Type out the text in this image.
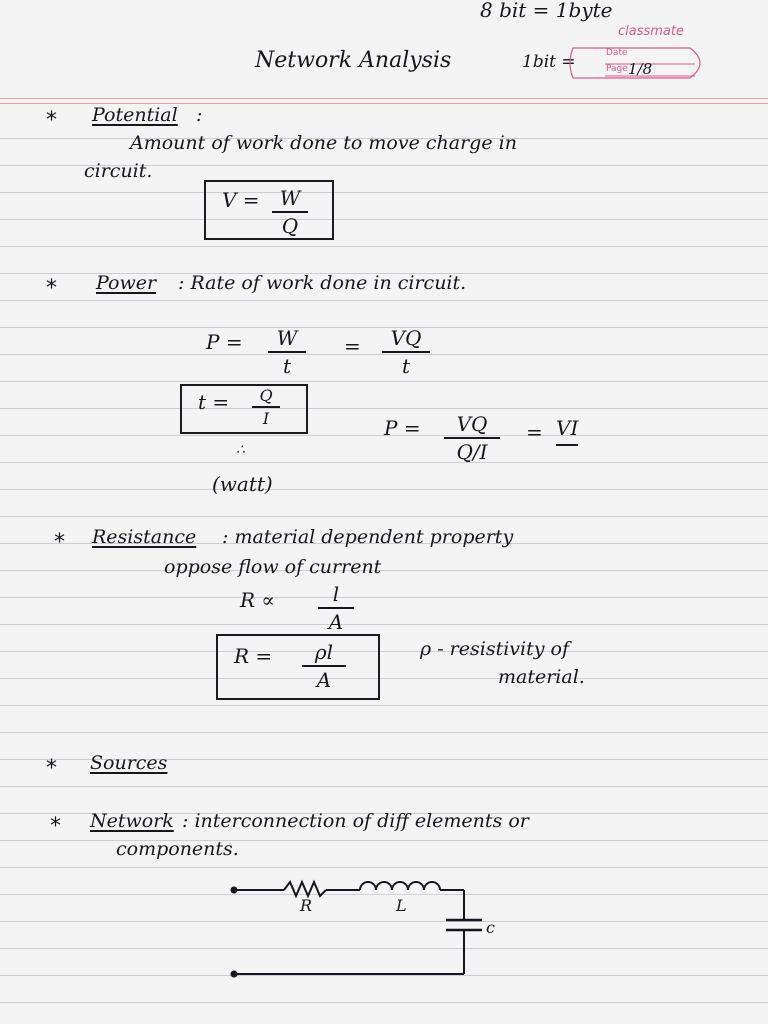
8 bit = 1byte
classmate
Network Analysis	1bit =	Date
Page 1/8
* Potential :
Amount of work done to move charge in
circuit.
V = W
Q
* Power : Rate of work done in circuit.
P = W
t
= VQ
t
t = Q
I	P = VQ
Q/I
= VI
∴
(watt)
* Resistance : material dependent property
oppose flow of current
R ∝	l
A
R = ρl
A
ρ - resistivity of
material.
* Sources
* Network : interconnection of diff elements or
components.
R	L
c
